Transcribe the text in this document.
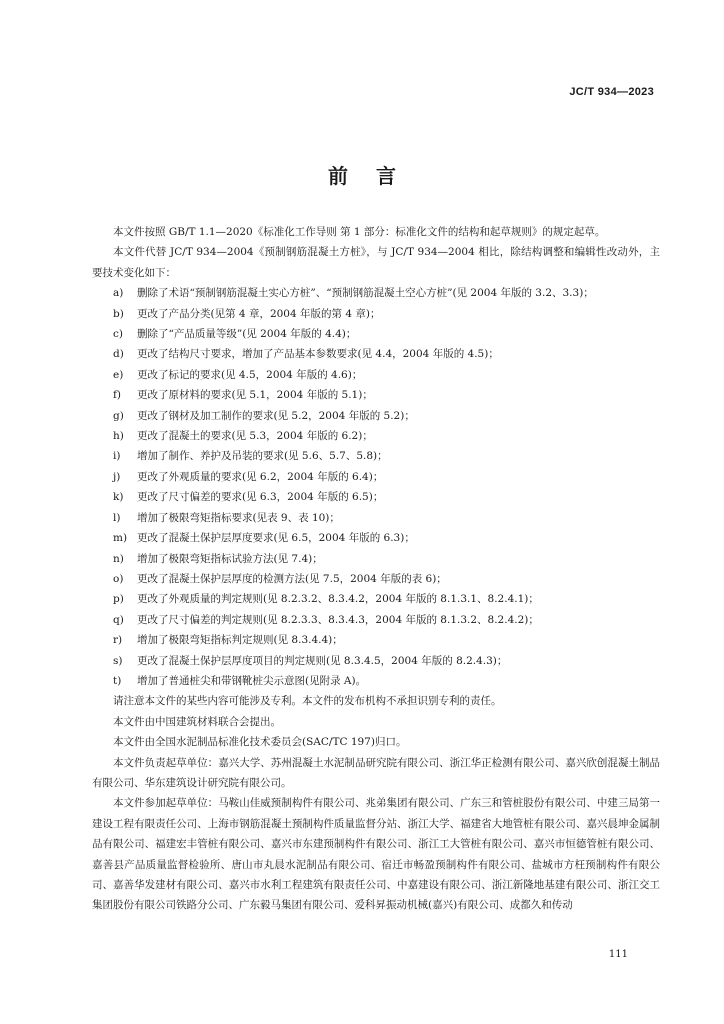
JC/T 934—2023
前言

本文件按照 GB/T 1.1—2020《标准化工作导则 第 1 部分：标准化文件的结构和起草规则》的规定起草。

本文件代替 JC/T 934—2004《预制钢筋混凝土方桩》，与 JC/T 934—2004 相比，除结构调整和编辑性改动外，主要技术变化如下：

a) 删除了术语“预制钢筋混凝土实心方桩”、“预制钢筋混凝土空心方桩”(见 2004 年版的 3.2、3.3)；

b) 更改了产品分类(见第 4 章，2004 年版的第 4 章)；

c) 删除了“产品质量等级”(见 2004 年版的 4.4)；

d) 更改了结构尺寸要求，增加了产品基本参数要求(见 4.4，2004 年版的 4.5)；

e) 更改了标记的要求(见 4.5，2004 年版的 4.6)；

f) 更改了原材料的要求(见 5.1，2004 年版的 5.1)；

g) 更改了钢材及加工制作的要求(见 5.2，2004 年版的 5.2)；

h) 更改了混凝土的要求(见 5.3，2004 年版的 6.2)；

i) 增加了制作、养护及吊装的要求(见 5.6、5.7、5.8)；

j) 更改了外观质量的要求(见 6.2，2004 年版的 6.4)；

k) 更改了尺寸偏差的要求(见 6.3，2004 年版的 6.5)；

l) 增加了极限弯矩指标要求(见表 9、表 10)；

m) 更改了混凝土保护层厚度要求(见 6.5，2004 年版的 6.3)；

n) 增加了极限弯矩指标试验方法(见 7.4)；

o) 更改了混凝土保护层厚度的检测方法(见 7.5，2004 年版的表 6)；

p) 更改了外观质量的判定规则(见 8.2.3.2、8.3.4.2，2004 年版的 8.1.3.1、8.2.4.1)；

q) 更改了尺寸偏差的判定规则(见 8.2.3.3、8.3.4.3，2004 年版的 8.1.3.2、8.2.4.2)；

r) 增加了极限弯矩指标判定规则(见 8.3.4.4)；

s) 更改了混凝土保护层厚度项目的判定规则(见 8.3.4.5，2004 年版的 8.2.4.3)；

t) 增加了普通桩尖和带钢靴桩尖示意图(见附录 A)。

请注意本文件的某些内容可能涉及专利。本文件的发布机构不承担识别专利的责任。

本文件由中国建筑材料联合会提出。

本文件由全国水泥制品标准化技术委员会(SAC/TC 197)归口。

本文件负责起草单位：嘉兴大学、苏州混凝土水泥制品研究院有限公司、浙江华正检测有限公司、嘉兴欣创混凝土制品有限公司、华东建筑设计研究院有限公司。

本文件参加起草单位：马鞍山佳威预制构件有限公司、兆弟集团有限公司、广东三和管桩股份有限公司、中建三局第一建设工程有限责任公司、上海市钢筋混凝土预制构件质量监督分站、浙江大学、福建省大地管桩有限公司、嘉兴晨坤金属制品有限公司、福建宏丰管桩有限公司、嘉兴市东建预制构件有限公司、浙江工大管桩有限公司、嘉兴市恒德管桩有限公司、嘉善县产品质量监督检验所、唐山市丸晨水泥制品有限公司、宿迁市畅盈预制构件有限公司、盐城市方枉预制构件有限公司、嘉善华发建材有限公司、嘉兴市水利工程建筑有限责任公司、中嘉建设有限公司、浙江新隆地基建有限公司、浙江交工集团股份有限公司铁路分公司、广东毅马集团有限公司、爱科昇振动机械(嘉兴)有限公司、成都久和传动

111
